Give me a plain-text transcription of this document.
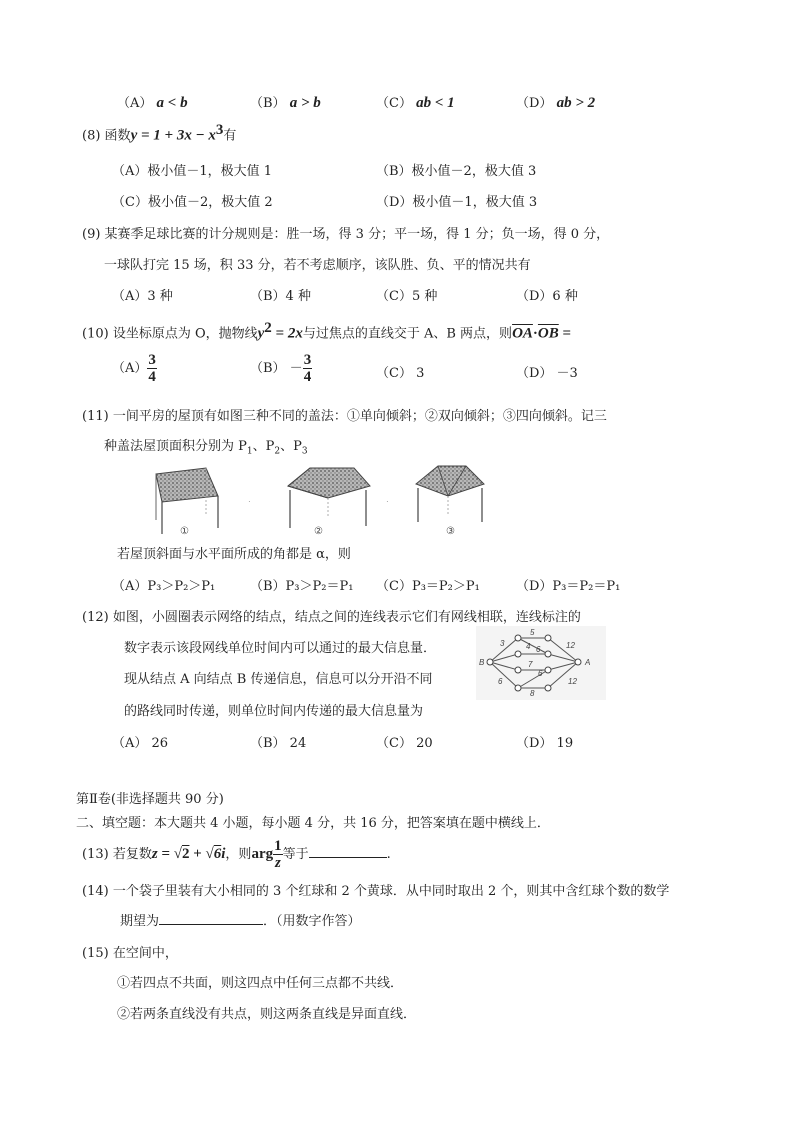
（A） a < b	（B） a > b	（C） ab < 1	（D） ab > 2
(8) 函数$y = 1 + 3x - x^3$有
（A）极小值－1，极大值 1	（B）极小值－2，极大值 3
（C）极小值－2，极大值 2	（D）极小值－1，极大值 3
(9) 某赛季足球比赛的计分规则是：胜一场，得 3 分；平一场，得 1 分；负一场，得 0 分，
一球队打完 15 场，积 33 分，若不考虑顺序，该队胜、负、平的情况共有
（A）3 种	（B）4 种	（C）5 种	（D）6 种
(10) 设坐标原点为 O，抛物线$y^2 = 2x$与过焦点的直线交于 A、B 两点，则$\overline{OA}\cdot\overline{OB}$ =
$(A) \frac{3}{4}$	$(B) - \frac{3}{4}$	（C） 3	（D） －3
(11) 一间平房的屋顶有如图三种不同的盖法：①单向倾斜；②双向倾斜；③四向倾斜。记三
种盖法屋顶面积分别为 $P_1$、$P_2$、$P_3$
①	②	③
·	·
若屋顶斜面与水平面所成的角都是 α，则
（A）P₃＞P₂＞P₁	（B）P₃＞P₂＝P₁ （C）P₃＝P₂＞P₁	（D）P₃＝P₂＝P₁
(12) 如图，小圆圈表示网络的结点，结点之间的连线表示它们有网线相联，连线标注的
数字表示该段网线单位时间内可以通过的最大信息量．
现从结点 A 向结点 B 传递信息，信息可以分开沿不同
的路线同时传递，则单位时间内传递的最大信息量为
B	A
3
5
4 6
7
6
6
8
12
12
（A） 26	（B） 24	（C） 20	（D） 19
第Ⅱ卷(非选择题共 90 分)
二、填空题：本大题共 4 小题，每小题 4 分，共 16 分，把答案填在题中横线上．
(13) 若复数z = √2 + √6i，则arg $\frac{1}{z}$ 等于	.
(14) 一个袋子里装有大小相同的 3 个红球和 2 个黄球．从中同时取出 2 个，则其中含红球个数的数学
期望为	．（用数字作答）
(15) 在空间中，
①若四点不共面，则这四点中任何三点都不共线．
②若两条直线没有共点，则这两条直线是异面直线．
